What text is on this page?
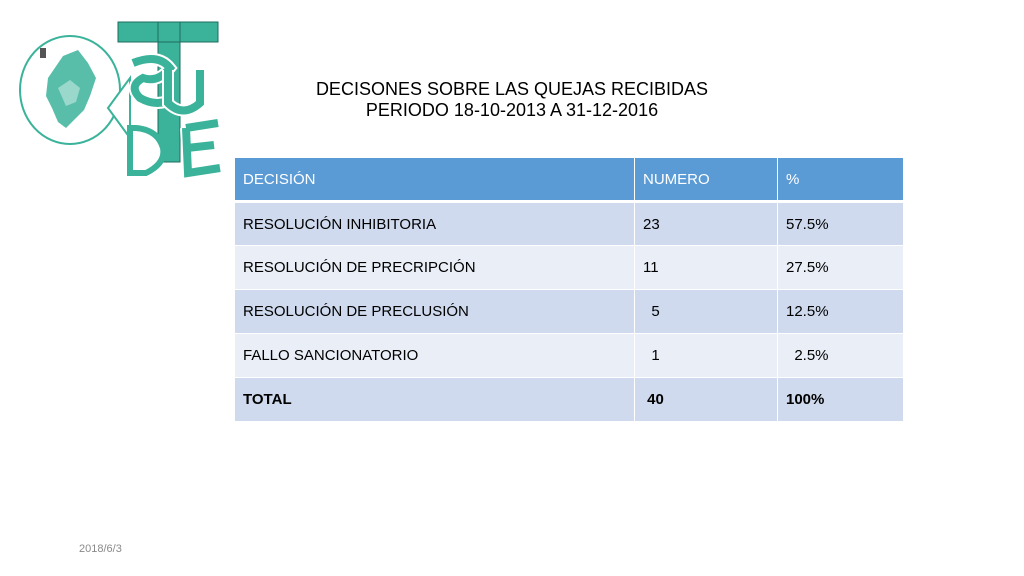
DECISONES SOBRE LAS QUEJAS RECIBIDAS
PERIODO 18-10-2013 A 31-12-2016
DECISIÓN	NUMERO	%
RESOLUCIÓN INHIBITORIA	23	57.5%
RESOLUCIÓN DE PRECRIPCIÓN	11	27.5%
RESOLUCIÓN DE PRECLUSIÓN	5	12.5%
FALLO SANCIONATORIO	1	2.5%
TOTAL	40	100%
2018/6/3
